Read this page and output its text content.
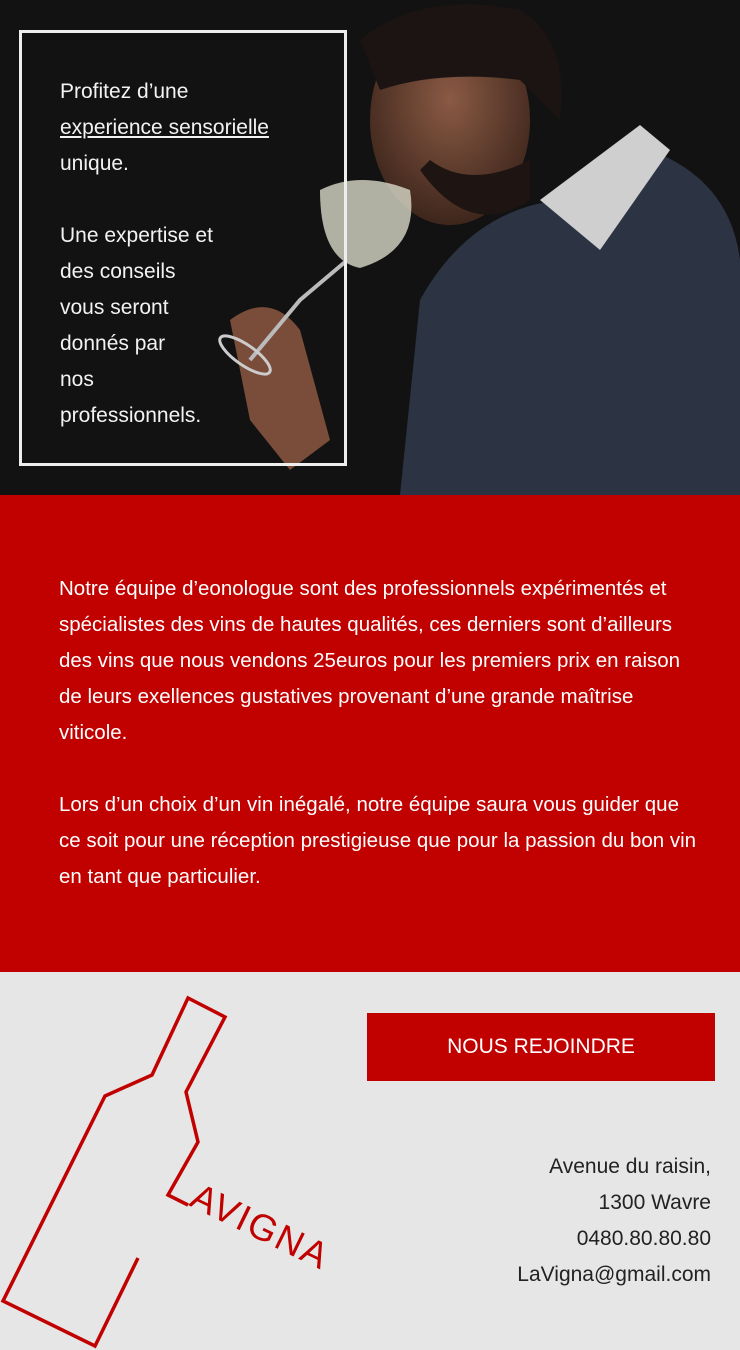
Profitez d’une
experience sensorielle
unique.
Une expertise et
des conseils
vous seront
donnés par
nos
professionnels.

Notre équipe d’eonologue sont des professionnels expérimentés et spécialistes des vins de hautes qualités, ces derniers sont d’ailleurs des vins que nous vendons 25euros pour les premiers prix en raison de leurs exellences gustatives provenant d’une grande maîtrise viticole.

Lors d’un choix d’un vin inégalé, notre équipe saura vous guider que ce soit pour une réception prestigieuse que pour la passion du bon vin en tant que particulier.

AVIGNA
NOUS REJOINDRE
Avenue du raisin,
1300 Wavre
0480.80.80.80
LaVigna@gmail.com
